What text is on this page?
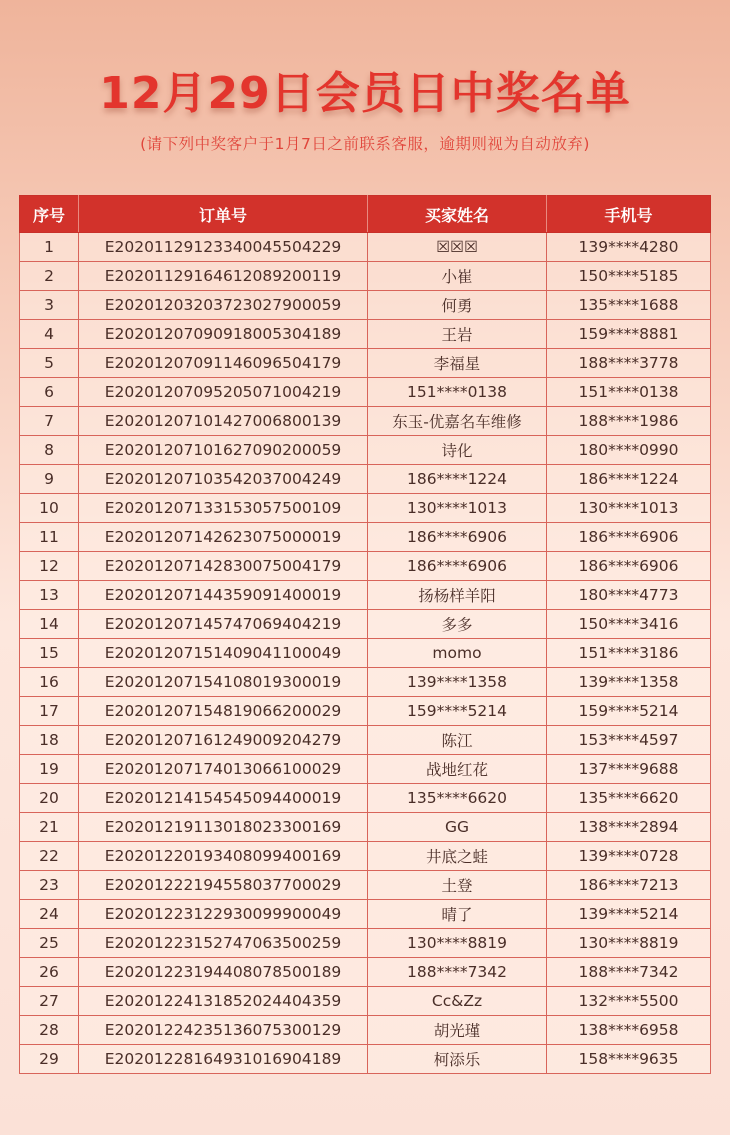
12月29日会员日中奖名单
(请下列中奖客户于1月7日之前联系客服，逾期则视为自动放弃)
序号	订单号	买家姓名	手机号
1	E20201129123340045504229	☒☒☒	139****4280
2	E20201129164612089200119	小崔	150****5185
3	E20201203203723027900059	何勇	135****1688
4	E20201207090918005304189	王岩	159****8881
5	E20201207091146096504179	李福星	188****3778
6	E20201207095205071004219	151****0138	151****0138
7	E20201207101427006800139	东玉-优嘉名车维修	188****1986
8	E20201207101627090200059	诗化	180****0990
9	E20201207103542037004249	186****1224	186****1224
10	E20201207133153057500109	130****1013	130****1013
11	E20201207142623075000019	186****6906	186****6906
12	E20201207142830075004179	186****6906	186****6906
13	E20201207144359091400019	扬杨样羊阳	180****4773
14	E20201207145747069404219	多多	150****3416
15	E20201207151409041100049	momo	151****3186
16	E20201207154108019300019	139****1358	139****1358
17	E20201207154819066200029	159****5214	159****5214
18	E20201207161249009204279	陈江	153****4597
19	E20201207174013066100029	战地红花	137****9688
20	E20201214154545094400019	135****6620	135****6620
21	E20201219113018023300169	GG	138****2894
22	E20201220193408099400169	井底之蛙	139****0728
23	E20201222194558037700029	土登	186****7213
24	E20201223122930099900049	晴了	139****5214
25	E20201223152747063500259	130****8819	130****8819
26	E20201223194408078500189	188****7342	188****7342
27	E20201224131852024404359	Cc&Zz	132****5500
28	E20201224235136075300129	胡光瑾	138****6958
29	E20201228164931016904189	柯添乐	158****9635
